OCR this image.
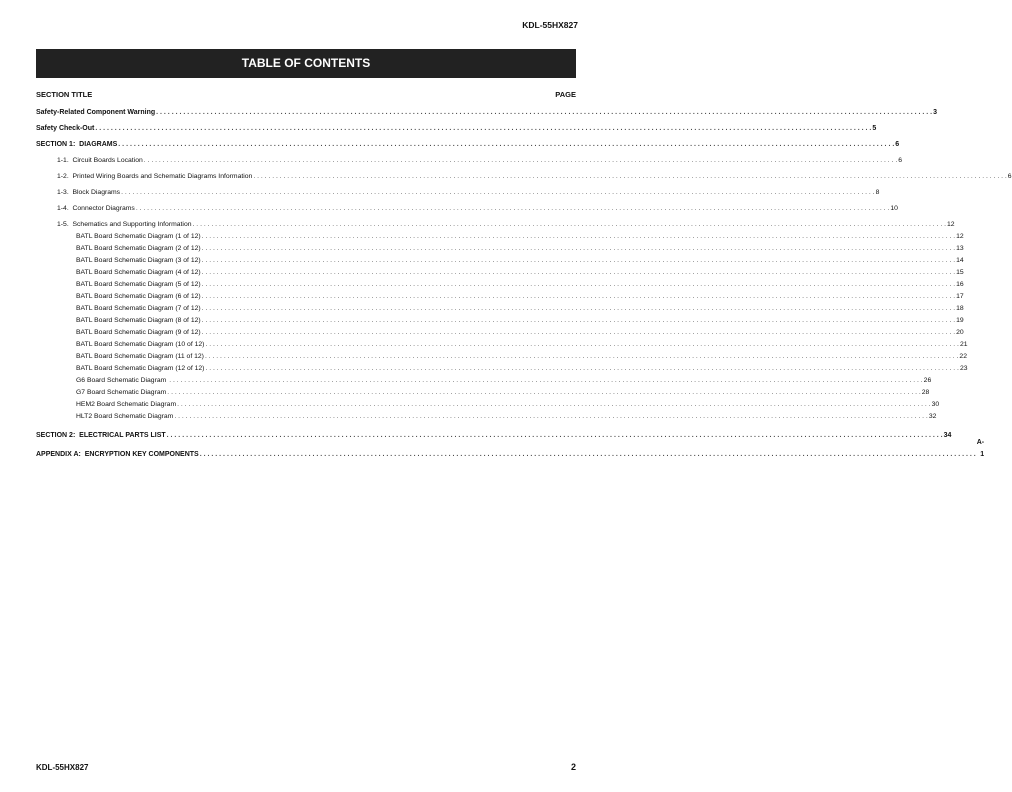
KDL-55HX827
TABLE OF CONTENTS
SECTION TITLE	PAGE
Safety-Related Component Warning . . . . . . . . . . . . . . . . . . . . . . . . . . . . . . . . . . . . . . . . . . . . . . . . . . . . . . . . . . . . . . . . . . . . . . . . . . . . . . . . . . . . . . . . . . . . . . . . . . . . . . . . . . . . . . . . . . . . . . . . . . . . . . . . . . . . . . . . . . . . . . . . . . . . . . . . . . . . . . . . . . . . . . . . . . . . . . . . . . . . . . . . . . . . . . . . . . . . . . . . 3
Safety Check-Out . . . . . . . . . . . . . . . . . . . . . . . . . . . . . . . . . . . . . . . . . . . . . . . . . . . . . . . . . . . . . . . . . . . . . . . . . . . . . . . . . . . . . . . . . . . . . . . . . . . . . . . . . . . . . . . . . . . . . . . . . . . . . . . . . . . . . . . . . . . . . . . . . . . . . . . . . . . . . . . . . . . . . . . . . . . . . . . . . . . . . . . . . . . . . . . . . . . . . . . . 5
SECTION 1:  DIAGRAMS . . . . . . . . . . . . . . . . . . . . . . . . . . . . . . . . . . . . . . . . . . . . . . . . . . . . . . . . . . . . . . . . . . . . . . . . . . . . . . . . . . . . . . . . . . . . . . . . . . . . . . . . . . . . . . . . . . . . . . . . . . . . . . . . . . . . . . . . . . . . . . . . . . . . . . . . . . . . . . . . . . . . . . . . . . . . . . . . . . . . . . . . . . . . . . . . . . . . . . . . 6
1-1.  Circuit Boards Location . . . . . . . . . . . . . . . . . . . . . . . . . . . . . . . . . . . . . . . . . . . . . . . . . . . . . . . . . . . . . . . . . . . . . . . . . . . . . . . . . . . . . . . . . . . . . . . . . . . . . . . . . . . . . . . . . . . . . . . . . . . . . . . . . . . . . . . . . . . . . . . . . . . . . . . . . . . . . . . . . . . . . . . . . . . . . . . . . . . . . . . . . . . . . . . . . . . . . . . . 6
1-2.  Printed Wiring Boards and Schematic Diagrams Information . . . . . . . . . . . . . . . . . . . . . . . . . . . . . . . . . . . . . . . . . . . . . . . . . . . . . . . . . . . . . . . . . . . . . . . . . . . . . . . . . . . . . . . . . . . . . . . . . . . . . . . . . . . . . . . . . . . . . . . . . . . . . . . . . . . . . . . . . . . . . . . . . . . . . . . . . . . . . . . . . . . . . . . . . . . . . . . . . . . . . . . . . . . . . . . . . . . . . . . . 6
1-3.  Block Diagrams . . . . . . . . . . . . . . . . . . . . . . . . . . . . . . . . . . . . . . . . . . . . . . . . . . . . . . . . . . . . . . . . . . . . . . . . . . . . . . . . . . . . . . . . . . . . . . . . . . . . . . . . . . . . . . . . . . . . . . . . . . . . . . . . . . . . . . . . . . . . . . . . . . . . . . . . . . . . . . . . . . . . . . . . . . . . . . . . . . . . . . . . . . . . . . . . . . . . . . . . 8
1-4.  Connector Diagrams . . . . . . . . . . . . . . . . . . . . . . . . . . . . . . . . . . . . . . . . . . . . . . . . . . . . . . . . . . . . . . . . . . . . . . . . . . . . . . . . . . . . . . . . . . . . . . . . . . . . . . . . . . . . . . . . . . . . . . . . . . . . . . . . . . . . . . . . . . . . . . . . . . . . . . . . . . . . . . . . . . . . . . . . . . . . . . . . . . . . . . . . . . . . . . . . . . . . . . . . 10
1-5.  Schematics and Supporting Information . . . . . . . . . . . . . . . . . . . . . . . . . . . . . . . . . . . . . . . . . . . . . . . . . . . . . . . . . . . . . . . . . . . . . . . . . . . . . . . . . . . . . . . . . . . . . . . . . . . . . . . . . . . . . . . . . . . . . . . . . . . . . . . . . . . . . . . . . . . . . . . . . . . . . . . . . . . . . . . . . . . . . . . . . . . . . . . . . . . . . . . . . . . . . . . . . . . . . . . . 12
BATL Board Schematic Diagram (1 of 12) . . . . . . . . . . . . . . . . . . . . . . . . . . . . . . . . . . . . . . . . . . . . . . . . . . . . . . . . . . . . . . . . . . . . . . . . . . . . . . . . . . . . . . . . . . . . . . . . . . . . . . . . . . . . . . . . . . . . . . . . . . . . . . . . . . . . . . . . . . . . . . . . . . . . . . . . . . . . . . . . . . . . . . . . . . . . . . . . . . . . . . . . . . . . . . . . . . . . . . . . 12
BATL Board Schematic Diagram (2 of 12) . . . . . . . . . . . . . . . . . . . . . . . . . . . . . . . . . . . . . . . . . . . . . . . . . . . . . . . . . . . . . . . . . . . . . . . . . . . . . . . . . . . . . . . . . . . . . . . . . . . . . . . . . . . . . . . . . . . . . . . . . . . . . . . . . . . . . . . . . . . . . . . . . . . . . . . . . . . . . . . . . . . . . . . . . . . . . . . . . . . . . . . . . . . . . . . . . . . . . . . . 13
BATL Board Schematic Diagram (3 of 12) . . . . . . . . . . . . . . . . . . . . . . . . . . . . . . . . . . . . . . . . . . . . . . . . . . . . . . . . . . . . . . . . . . . . . . . . . . . . . . . . . . . . . . . . . . . . . . . . . . . . . . . . . . . . . . . . . . . . . . . . . . . . . . . . . . . . . . . . . . . . . . . . . . . . . . . . . . . . . . . . . . . . . . . . . . . . . . . . . . . . . . . . . . . . . . . . . . . . . . . . 14
BATL Board Schematic Diagram (4 of 12) . . . . . . . . . . . . . . . . . . . . . . . . . . . . . . . . . . . . . . . . . . . . . . . . . . . . . . . . . . . . . . . . . . . . . . . . . . . . . . . . . . . . . . . . . . . . . . . . . . . . . . . . . . . . . . . . . . . . . . . . . . . . . . . . . . . . . . . . . . . . . . . . . . . . . . . . . . . . . . . . . . . . . . . . . . . . . . . . . . . . . . . . . . . . . . . . . . . . . . . . 15
BATL Board Schematic Diagram (5 of 12) . . . . . . . . . . . . . . . . . . . . . . . . . . . . . . . . . . . . . . . . . . . . . . . . . . . . . . . . . . . . . . . . . . . . . . . . . . . . . . . . . . . . . . . . . . . . . . . . . . . . . . . . . . . . . . . . . . . . . . . . . . . . . . . . . . . . . . . . . . . . . . . . . . . . . . . . . . . . . . . . . . . . . . . . . . . . . . . . . . . . . . . . . . . . . . . . . . . . . . . . 16
BATL Board Schematic Diagram (6 of 12) . . . . . . . . . . . . . . . . . . . . . . . . . . . . . . . . . . . . . . . . . . . . . . . . . . . . . . . . . . . . . . . . . . . . . . . . . . . . . . . . . . . . . . . . . . . . . . . . . . . . . . . . . . . . . . . . . . . . . . . . . . . . . . . . . . . . . . . . . . . . . . . . . . . . . . . . . . . . . . . . . . . . . . . . . . . . . . . . . . . . . . . . . . . . . . . . . . . . . . . . 17
BATL Board Schematic Diagram (7 of 12) . . . . . . . . . . . . . . . . . . . . . . . . . . . . . . . . . . . . . . . . . . . . . . . . . . . . . . . . . . . . . . . . . . . . . . . . . . . . . . . . . . . . . . . . . . . . . . . . . . . . . . . . . . . . . . . . . . . . . . . . . . . . . . . . . . . . . . . . . . . . . . . . . . . . . . . . . . . . . . . . . . . . . . . . . . . . . . . . . . . . . . . . . . . . . . . . . . . . . . . . 18
BATL Board Schematic Diagram (8 of 12) . . . . . . . . . . . . . . . . . . . . . . . . . . . . . . . . . . . . . . . . . . . . . . . . . . . . . . . . . . . . . . . . . . . . . . . . . . . . . . . . . . . . . . . . . . . . . . . . . . . . . . . . . . . . . . . . . . . . . . . . . . . . . . . . . . . . . . . . . . . . . . . . . . . . . . . . . . . . . . . . . . . . . . . . . . . . . . . . . . . . . . . . . . . . . . . . . . . . . . . . 19
BATL Board Schematic Diagram (9 of 12) . . . . . . . . . . . . . . . . . . . . . . . . . . . . . . . . . . . . . . . . . . . . . . . . . . . . . . . . . . . . . . . . . . . . . . . . . . . . . . . . . . . . . . . . . . . . . . . . . . . . . . . . . . . . . . . . . . . . . . . . . . . . . . . . . . . . . . . . . . . . . . . . . . . . . . . . . . . . . . . . . . . . . . . . . . . . . . . . . . . . . . . . . . . . . . . . . . . . . . . . 20
BATL Board Schematic Diagram (10 of 12) . . . . . . . . . . . . . . . . . . . . . . . . . . . . . . . . . . . . . . . . . . . . . . . . . . . . . . . . . . . . . . . . . . . . . . . . . . . . . . . . . . . . . . . . . . . . . . . . . . . . . . . . . . . . . . . . . . . . . . . . . . . . . . . . . . . . . . . . . . . . . . . . . . . . . . . . . . . . . . . . . . . . . . . . . . . . . . . . . . . . . . . . . . . . . . . . . . . . . . . . 21
BATL Board Schematic Diagram (11 of 12) . . . . . . . . . . . . . . . . . . . . . . . . . . . . . . . . . . . . . . . . . . . . . . . . . . . . . . . . . . . . . . . . . . . . . . . . . . . . . . . . . . . . . . . . . . . . . . . . . . . . . . . . . . . . . . . . . . . . . . . . . . . . . . . . . . . . . . . . . . . . . . . . . . . . . . . . . . . . . . . . . . . . . . . . . . . . . . . . . . . . . . . . . . . . . . . . . . . . . . . . 22
BATL Board Schematic Diagram (12 of 12) . . . . . . . . . . . . . . . . . . . . . . . . . . . . . . . . . . . . . . . . . . . . . . . . . . . . . . . . . . . . . . . . . . . . . . . . . . . . . . . . . . . . . . . . . . . . . . . . . . . . . . . . . . . . . . . . . . . . . . . . . . . . . . . . . . . . . . . . . . . . . . . . . . . . . . . . . . . . . . . . . . . . . . . . . . . . . . . . . . . . . . . . . . . . . . . . . . . . . . . . 23
G6 Board Schematic Diagram . . . . . . . . . . . . . . . . . . . . . . . . . . . . . . . . . . . . . . . . . . . . . . . . . . . . . . . . . . . . . . . . . . . . . . . . . . . . . . . . . . . . . . . . . . . . . . . . . . . . . . . . . . . . . . . . . . . . . . . . . . . . . . . . . . . . . . . . . . . . . . . . . . . . . . . . . . . . . . . . . . . . . . . . . . . . . . . . . . . . . . . . . . . . . . . . . . . . . . . . 26
G7 Board Schematic Diagram . . . . . . . . . . . . . . . . . . . . . . . . . . . . . . . . . . . . . . . . . . . . . . . . . . . . . . . . . . . . . . . . . . . . . . . . . . . . . . . . . . . . . . . . . . . . . . . . . . . . . . . . . . . . . . . . . . . . . . . . . . . . . . . . . . . . . . . . . . . . . . . . . . . . . . . . . . . . . . . . . . . . . . . . . . . . . . . . . . . . . . . . . . . . . . . . . . . . . . . . 28
HEM2 Board Schematic Diagram . . . . . . . . . . . . . . . . . . . . . . . . . . . . . . . . . . . . . . . . . . . . . . . . . . . . . . . . . . . . . . . . . . . . . . . . . . . . . . . . . . . . . . . . . . . . . . . . . . . . . . . . . . . . . . . . . . . . . . . . . . . . . . . . . . . . . . . . . . . . . . . . . . . . . . . . . . . . . . . . . . . . . . . . . . . . . . . . . . . . . . . . . . . . . . . . . . . . . . . . 30
HLT2 Board Schematic Diagram . . . . . . . . . . . . . . . . . . . . . . . . . . . . . . . . . . . . . . . . . . . . . . . . . . . . . . . . . . . . . . . . . . . . . . . . . . . . . . . . . . . . . . . . . . . . . . . . . . . . . . . . . . . . . . . . . . . . . . . . . . . . . . . . . . . . . . . . . . . . . . . . . . . . . . . . . . . . . . . . . . . . . . . . . . . . . . . . . . . . . . . . . . . . . . . . . . . . . . . . 32
SECTION 2:  ELECTRICAL PARTS LIST . . . . . . . . . . . . . . . . . . . . . . . . . . . . . . . . . . . . . . . . . . . . . . . . . . . . . . . . . . . . . . . . . . . . . . . . . . . . . . . . . . . . . . . . . . . . . . . . . . . . . . . . . . . . . . . . . . . . . . . . . . . . . . . . . . . . . . . . . . . . . . . . . . . . . . . . . . . . . . . . . . . . . . . . . . . . . . . . . . . . . . . . . . . . . . . . . . . . . . . . 34
APPENDIX A:  ENCRYPTION KEY COMPONENTS . . . . . . . . . . . . . . . . . . . . . . . . . . . . . . . . . . . . . . . . . . . . . . . . . . . . . . . . . . . . . . . . . . . . . . . . . . . . . . . . . . . . . . . . . . . . . . . . . . . . . . . . . . . . . . . . . . . . . . . . . . . . . . . . . . . . . . . . . . . . . . . . . . . . . . . . . . . . . . . . . . . . . . . . . . . . . . . . . . . . . . . . . . . . . . . . . . . . . . . .
A-1
KDL-55HX827	2
